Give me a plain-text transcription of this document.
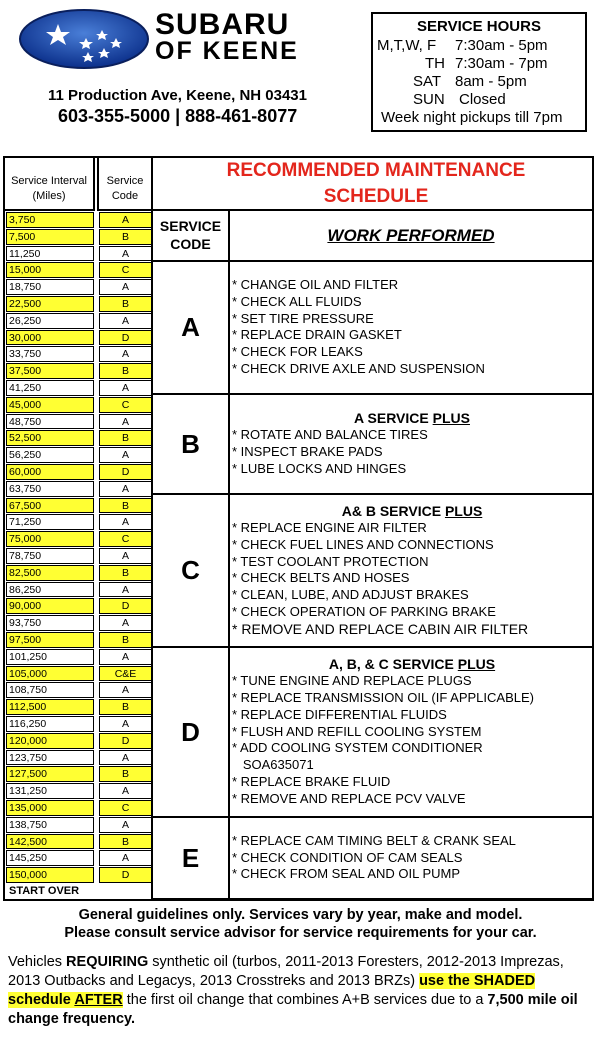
SUBARU
OF KEENE
11 Production Ave, Keene, NH 03431
603-355-5000 | 888-461-8077
SERVICE HOURS
M,T,W, F 7:30am - 5pm
TH 7:30am - 7pm
SAT 8am - 5pm
SUN Closed
Week night pickups till 7pm
RECOMMENDED MAINTENANCE
SCHEDULE
Service Interval (Miles)
Service Code
3,750	A
7,500	B
11,250	A
15,000	C
18,750	A
22,500	B
26,250	A
30,000	D
33,750	A
37,500	B
41,250	A
45,000	C
48,750	A
52,500	B
56,250	A
60,000	D
63,750	A
67,500	B
71,250	A
75,000	C
78,750	A
82,500	B
86,250	A
90,000	D
93,750	A
97,500	B
101,250	A
105,000	C&E
108,750	A
112,500	B
116,250	A
120,000	D
123,750	A
127,500	B
131,250	A
135,000	C
138,750	A
142,500	B
145,250	A
150,000	D
START OVER
SERVICE CODE	WORK PERFORMED
A
* CHANGE OIL AND FILTER
* CHECK ALL FLUIDS
* SET TIRE PRESSURE
* REPLACE DRAIN GASKET
* CHECK FOR LEAKS
* CHECK DRIVE AXLE AND SUSPENSION
B
A SERVICE PLUS
* ROTATE AND BALANCE TIRES
* INSPECT BRAKE PADS
* LUBE LOCKS AND HINGES
C
A& B SERVICE PLUS
* REPLACE ENGINE AIR FILTER
* CHECK FUEL LINES AND CONNECTIONS
* TEST COOLANT PROTECTION
* CHECK BELTS AND HOSES
* CLEAN, LUBE, AND ADJUST BRAKES
* CHECK OPERATION OF PARKING BRAKE
* REMOVE AND REPLACE CABIN AIR FILTER
D
A, B, & C SERVICE PLUS
* TUNE ENGINE AND REPLACE PLUGS
* REPLACE TRANSMISSION OIL (IF APPLICABLE)
* REPLACE DIFFERENTIAL FLUIDS
* FLUSH AND REFILL COOLING SYSTEM
* ADD COOLING SYSTEM CONDITIONER
SOA635071
* REPLACE BRAKE FLUID
* REMOVE AND REPLACE PCV VALVE
E
* REPLACE CAM TIMING BELT & CRANK SEAL
* CHECK CONDITION OF CAM SEALS
* CHECK FROM SEAL AND OIL PUMP
General guidelines only. Services vary by year, make and model.
Please consult service advisor for service requirements for your car.
Vehicles REQUIRING synthetic oil (turbos, 2011-2013 Foresters, 2012-2013 Imprezas, 2013 Outbacks and Legacys, 2013 Crosstreks and 2013 BRZs) use the SHADED schedule AFTER the first oil change that combines A+B services due to a 7,500 mile oil change frequency.
